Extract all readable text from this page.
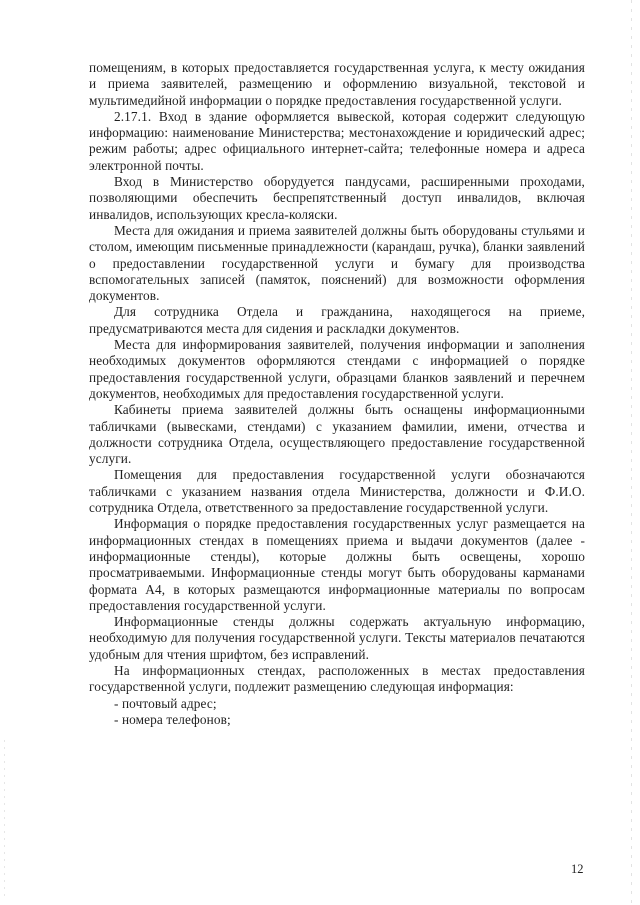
помещениям, в которых предоставляется государственная услуга, к месту ожидания и приема заявителей, размещению и оформлению визуальной, текстовой и мультимедийной информации о порядке предоставления государственной услуги.

2.17.1. Вход в здание оформляется вывеской, которая содержит следующую информацию: наименование Министерства; местонахождение и юридический адрес; режим работы; адрес официального интернет-сайта; телефонные номера и адреса электронной почты.

Вход в Министерство оборудуется пандусами, расширенными проходами, позволяющими обеспечить беспрепятственный доступ инвалидов, включая инвалидов, использующих кресла-коляски.

Места для ожидания и приема заявителей должны быть оборудованы стульями и столом, имеющим письменные принадлежности (карандаш, ручка), бланки заявлений о предоставлении государственной услуги и бумагу для производства вспомогательных записей (памяток, пояснений) для возможности оформления документов.

Для сотрудника Отдела и гражданина, находящегося на приеме, предусматриваются места для сидения и раскладки документов.

Места для информирования заявителей, получения информации и заполнения необходимых документов оформляются стендами с информацией о порядке предоставления государственной услуги, образцами бланков заявлений и перечнем документов, необходимых для предоставления государственной услуги.

Кабинеты приема заявителей должны быть оснащены информационными табличками (вывесками, стендами) с указанием фамилии, имени, отчества и должности сотрудника Отдела, осуществляющего предоставление государственной услуги.

Помещения для предоставления государственной услуги обозначаются табличками с указанием названия отдела Министерства, должности и Ф.И.О. сотрудника Отдела, ответственного за предоставление государственной услуги.

Информация о порядке предоставления государственных услуг размещается на информационных стендах в помещениях приема и выдачи документов (далее - информационные стенды), которые должны быть освещены, хорошо просматриваемыми. Информационные стенды могут быть оборудованы карманами формата А4, в которых размещаются информационные материалы по вопросам предоставления государственной услуги.

Информационные стенды должны содержать актуальную информацию, необходимую для получения государственной услуги. Тексты материалов печатаются удобным для чтения шрифтом, без исправлений.

На информационных стендах, расположенных в местах предоставления государственной услуги, подлежит размещению следующая информация:

- почтовый адрес;

- номера телефонов;

12
